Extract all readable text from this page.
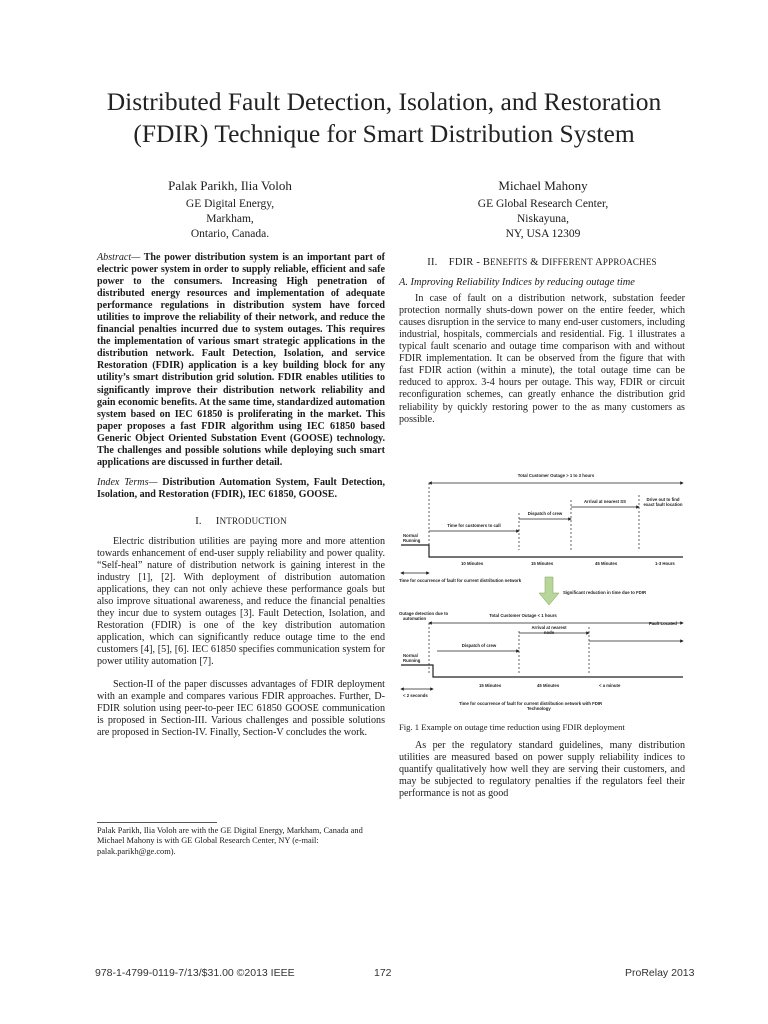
Distributed Fault Detection, Isolation, and Restoration
(FDIR) Technique for Smart Distribution System
Palak Parikh, Ilia Voloh
GE Digital Energy,
Markham,
Ontario, Canada.
Michael Mahony
GE Global Research Center,
Niskayuna,
NY, USA 12309

Abstract— The power distribution system is an important part of electric power system in order to supply reliable, efficient and safe power to the consumers. Increasing High penetration of distributed energy resources and implementation of adequate performance regulations in distribution system have forced utilities to improve the reliability of their network, and reduce the financial penalties incurred due to system outages. This requires the implementation of various smart strategic applications in the distribution network. Fault Detection, Isolation, and service Restoration (FDIR) application is a key building block for any utility’s smart distribution grid solution. FDIR enables utilities to significantly improve their distribution network reliability and gain economic benefits. At the same time, standardized automation system based on IEC 61850 is proliferating in the market. This paper proposes a fast FDIR algorithm using IEC 61850 based Generic Object Oriented Substation Event (GOOSE) technology. The challenges and possible solutions while deploying such smart applications are discussed in further detail.

Index Terms— Distribution Automation System, Fault Detection, Isolation, and Restoration (FDIR), IEC 61850, GOOSE.

I. INTRODUCTION

Electric distribution utilities are paying more and more attention towards enhancement of end-user supply reliability and power quality. “Self-heal” nature of distribution network is gaining interest in the industry [1], [2]. With deployment of distribution automation applications, they can not only achieve these performance goals but also improve situational awareness, and reduce the financial penalties they incur due to system outages [3]. Fault Detection, Isolation, and Restoration (FDIR) is one of the key distribution automation application, which can significantly reduce outage time to the end customers [4], [5], [6]. IEC 61850 specifies communication system for power utility automation [7].

Section-II of the paper discusses advantages of FDIR deployment with an example and compares various FDIR approaches. Further, D- FDIR solution using peer-to-peer IEC 61850 GOOSE communication is proposed in Section-III. Various challenges and possible solutions are proposed in Section-IV. Finally, Section-V concludes the work.

Palak Parikh, Ilia Voloh are with the GE Digital Energy, Markham, Canada and Michael Mahony is with GE Global Research Center, NY (e-mail: palak.parikh@ge.com).
II. FDIR - BENEFITS & DIFFERENT APPROACHES
A. Improving Reliability Indices by reducing outage time

In case of fault on a distribution network, substation feeder protection normally shuts-down power on the entire feeder, which causes disruption in the service to many end-user customers, including industrial, hospitals, commercials and residential. Fig. 1 illustrates a typical fault scenario and outage time comparison with and without FDIR implementation. It can be observed from the figure that with fast FDIR action (within a minute), the total outage time can be reduced to approx. 3-4 hours per outage. This way, FDIR or circuit reconfiguration schemes, can greatly enhance the distribution grid reliability by quickly restoring power to the as many customers as possible.

Total Customer Outage > 1 to 3 hours
Arrival at nearest SS	Drive out to find
exact fault location
Dispatch of crew
Time for customers to call
Normal
Running
10 Minutes	15 Minutes	45 Minutes	1-3 Hours
Time for occurrence of fault for current distribution network
Significant reduction in time due to FDIR
Outage detection due to
automation
Total Customer Outage < 1 hours
Arrival at nearest
node
Fault Located
Dispatch of crew
Normal
Running
15 Minutes	45 Minutes	< a minute
< 2 seconds
Time for occurrence of fault for current distribution network with FDIR
Technology
Fig. 1 Example on outage time reduction using FDIR deployment

As per the regulatory standard guidelines, many distribution utilities are measured based on power supply reliability indices to quantify qualitatively how well they are serving their customers, and may be subjected to regulatory penalties if the regulators feel their performance is not as good

978-1-4799-0119-7/13/$31.00 ©2013 IEEE	172	ProRelay 2013
